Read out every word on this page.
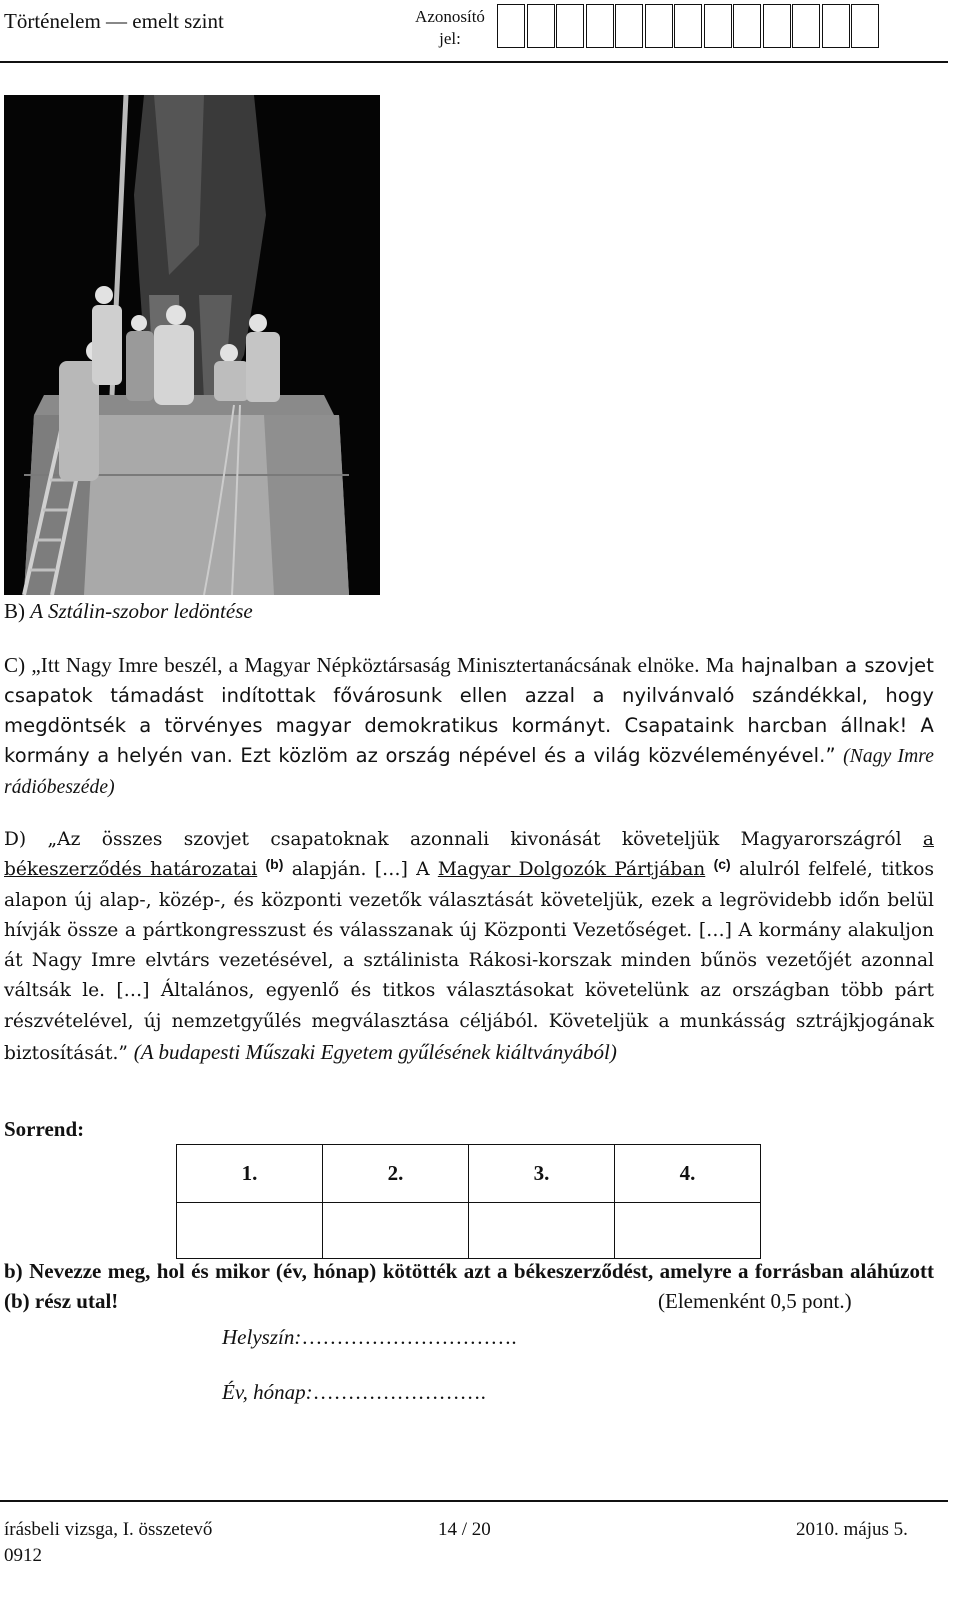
Történelem — emelt szint	Azonosító jel:
B) A Sztálin-szobor ledöntése
C) „Itt Nagy Imre beszél, a Magyar Népköztársaság Minisztertanácsának elnöke. Ma hajnalban a szovjet csapatok támadást indítottak fővárosunk ellen azzal a nyilvánvaló szándékkal, hogy megdöntsék a törvényes magyar demokratikus kormányt. Csapataink harcban állnak! A kormány a helyén van. Ezt közlöm az ország népével és a világ közvéleményével.” (Nagy Imre rádióbeszéde)
D) „Az összes szovjet csapatoknak azonnali kivonását követeljük Magyarországról a békeszerződés határozatai $^{(b)}$ alapján. […] A Magyar Dolgozók Pártjában $^{(c)}$ alulról felfelé, titkos alapon új alap-, közép-, és központi vezetők választását követeljük, ezek a legrövidebb időn belül hívják össze a pártkongresszust és válasszanak új Központi Vezetőséget. […] A kormány alakuljon át Nagy Imre elvtárs vezetésével, a sztálinista Rákosi-korszak minden bűnös vezetőjét azonnal váltsák le. […] Általános, egyenlő és titkos választásokat követelünk az országban több párt részvételével, új nemzetgyűlés megválasztása céljából. Követeljük a munkásság sztrájkjogának biztosítását.” (A budapesti Műszaki Egyetem gyűlésének kiáltványából)
Sorrend:
1.	2.	3.	4.

b) Nevezze meg, hol és mikor (év, hónap) kötötték azt a békeszerződést, amelyre a forrásban aláhúzott (b) rész utal!	(Elemenként 0,5 pont.)
Helyszín:………………………….
Év, hónap:…………………….
írásbeli vizsga, I. összetevő	14 / 20	2010. május 5.
0912
